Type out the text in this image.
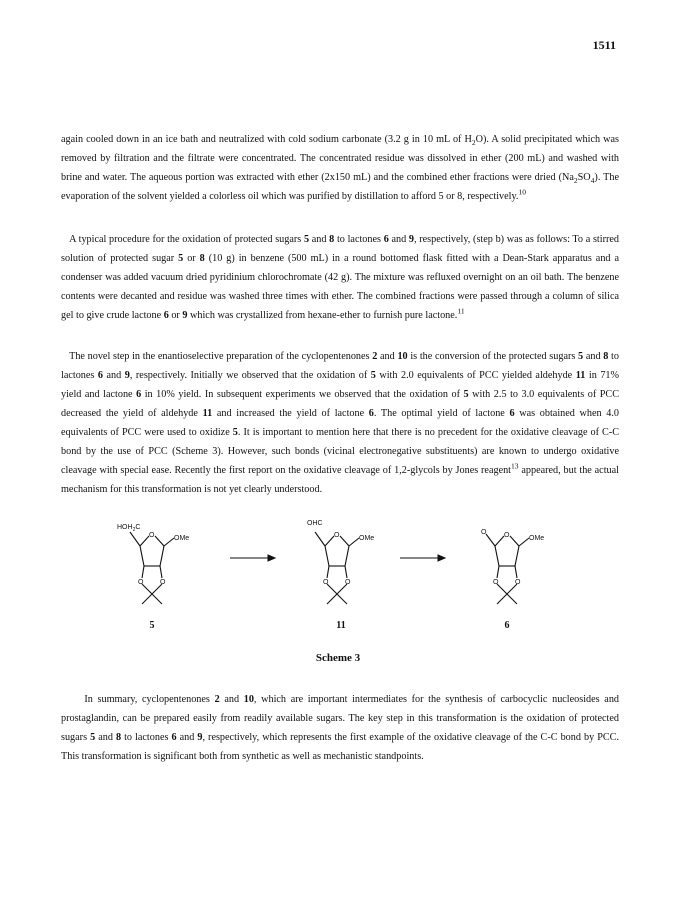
1511

again cooled down in an ice bath and neutralized with cold sodium carbonate (3.2 g in 10 mL of $H_2O$). A solid precipitated which was removed by filtration and the filtrate were concentrated. The concentrated residue was dissolved in ether (200 mL) and washed with brine and water. The aqueous portion was extracted with ether (2x150 mL) and the combined ether fractions were dried $(Na_2SO_4)$. The evaporation of the solvent yielded a colorless oil which was purified by distillation to afford 5 or 8, respectively.$^{10}$

A typical procedure for the oxidation of protected sugars 5 and 8 to lactones 6 and 9, respectively, (step b) was as follows: To a stirred solution of protected sugar 5 or 8 (10 g) in benzene (500 mL) in a round bottomed flask fitted with a Dean-Stark apparatus and a condenser was added vacuum dried pyridinium chlorochromate (42 g). The mixture was refluxed overnight on an oil bath. The benzene contents were decanted and residue was washed three times with ether. The combined fractions were passed through a column of silica gel to give crude lactone 6 or 9 which was crystallized from hexane-ether to furnish pure lactone.$^{11}$

The novel step in the enantioselective preparation of the cyclopentenones 2 and 10 is the conversion of the protected sugars 5 and 8 to lactones 6 and 9, respectively. Initially we observed that the oxidation of 5 with 2.0 equivalents of PCC yielded aldehyde 11 in 71% yield and lactone 6 in 10% yield. In subsequent experiments we observed that the oxidation of 5 with 2.5 to 3.0 equivalents of PCC decreased the yield of aldehyde 11 and increased the yield of lactone 6. The optimal yield of lactone 6 was obtained when 4.0 equivalents of PCC were used to oxidize 5. It is important to mention here that there is no precedent for the oxidative cleavage of C-C bond by the use of PCC (Scheme 3). However, such bonds (vicinal electronegative substituents) are known to undergo oxidative cleavage with special ease. Recently the first report on the oxidative cleavage of 1,2-glycols by Jones reagent$^{13}$ appeared, but the actual mechanism for this transformation is not yet clearly understood.

$HOH_2C$
O	OMe
O O
OHC
O	OMe
O O
O	O	OMe
O O
5	11	6
Scheme 3

In summary, cyclopentenones 2 and 10, which are important intermediates for the synthesis of carbocyclic nucleosides and prostaglandin, can be prepared easily from readily available sugars. The key step in this transformation is the oxidation of protected sugars 5 and 8 to lactones 6 and 9, respectively, which represents the first example of the oxidative cleavage of the C-C bond by PCC. This transformation is significant both from synthetic as well as mechanistic standpoints.
